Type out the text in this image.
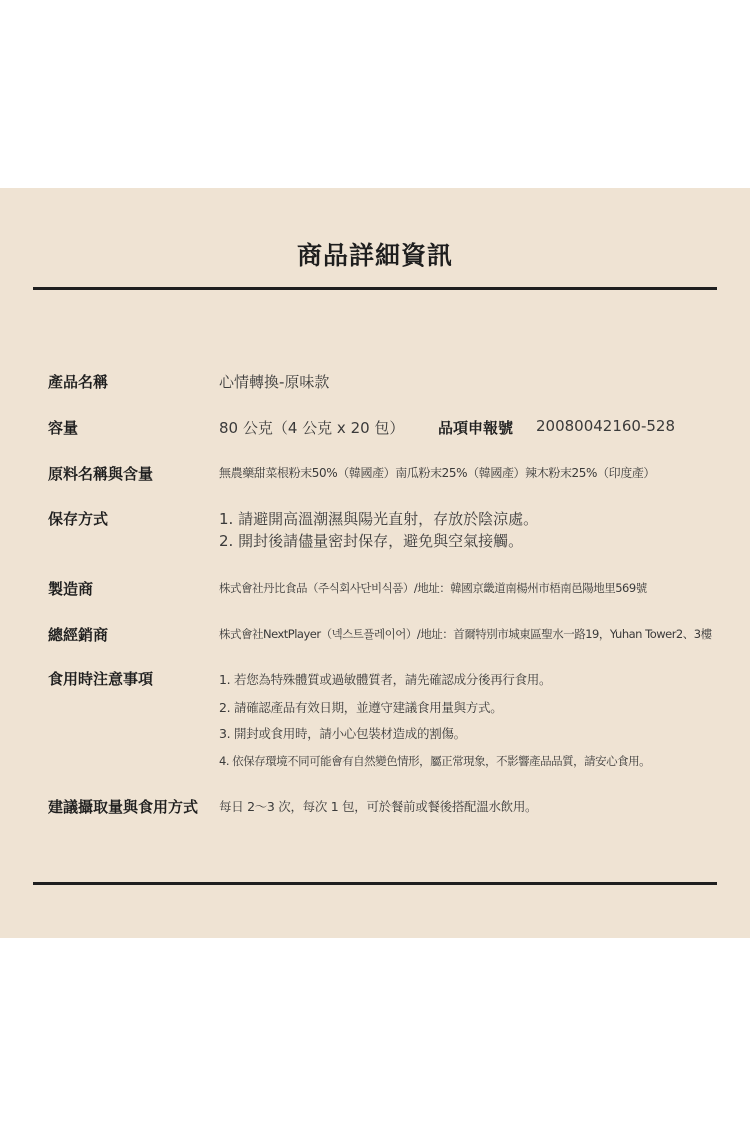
商品詳細資訊
產品名稱	心情轉換-原味款
容量	80 公克（4 公克 x 20 包） 品項申報號 20080042160-528
原料名稱與含量	無農藥甜菜根粉末50%（韓國產）南瓜粉末25%（韓國產）辣木粉末25%（印度產）
保存方式	1. 請避開高溫潮濕與陽光直射，存放於陰涼處。
2. 開封後請儘量密封保存，避免與空氣接觸。
製造商	株式會社丹比食品（주식회사단비식품）/地址：韓國京畿道南楊州市梧南邑陽地里569號
總經銷商	株式會社NextPlayer（넥스트플레이어）/地址：首爾特別市城東區聖水一路19，Yuhan Tower2、3樓
食用時注意事項	1. 若您為特殊體質或過敏體質者，請先確認成分後再行食用。
2. 請確認產品有效日期，並遵守建議食用量與方式。
3. 開封或食用時，請小心包裝材造成的割傷。
4. 依保存環境不同可能會有自然變色情形，屬正常現象，不影響產品品質，請安心食用。
建議攝取量與食用方式 每日 2～3 次，每次 1 包，可於餐前或餐後搭配溫水飲用。
